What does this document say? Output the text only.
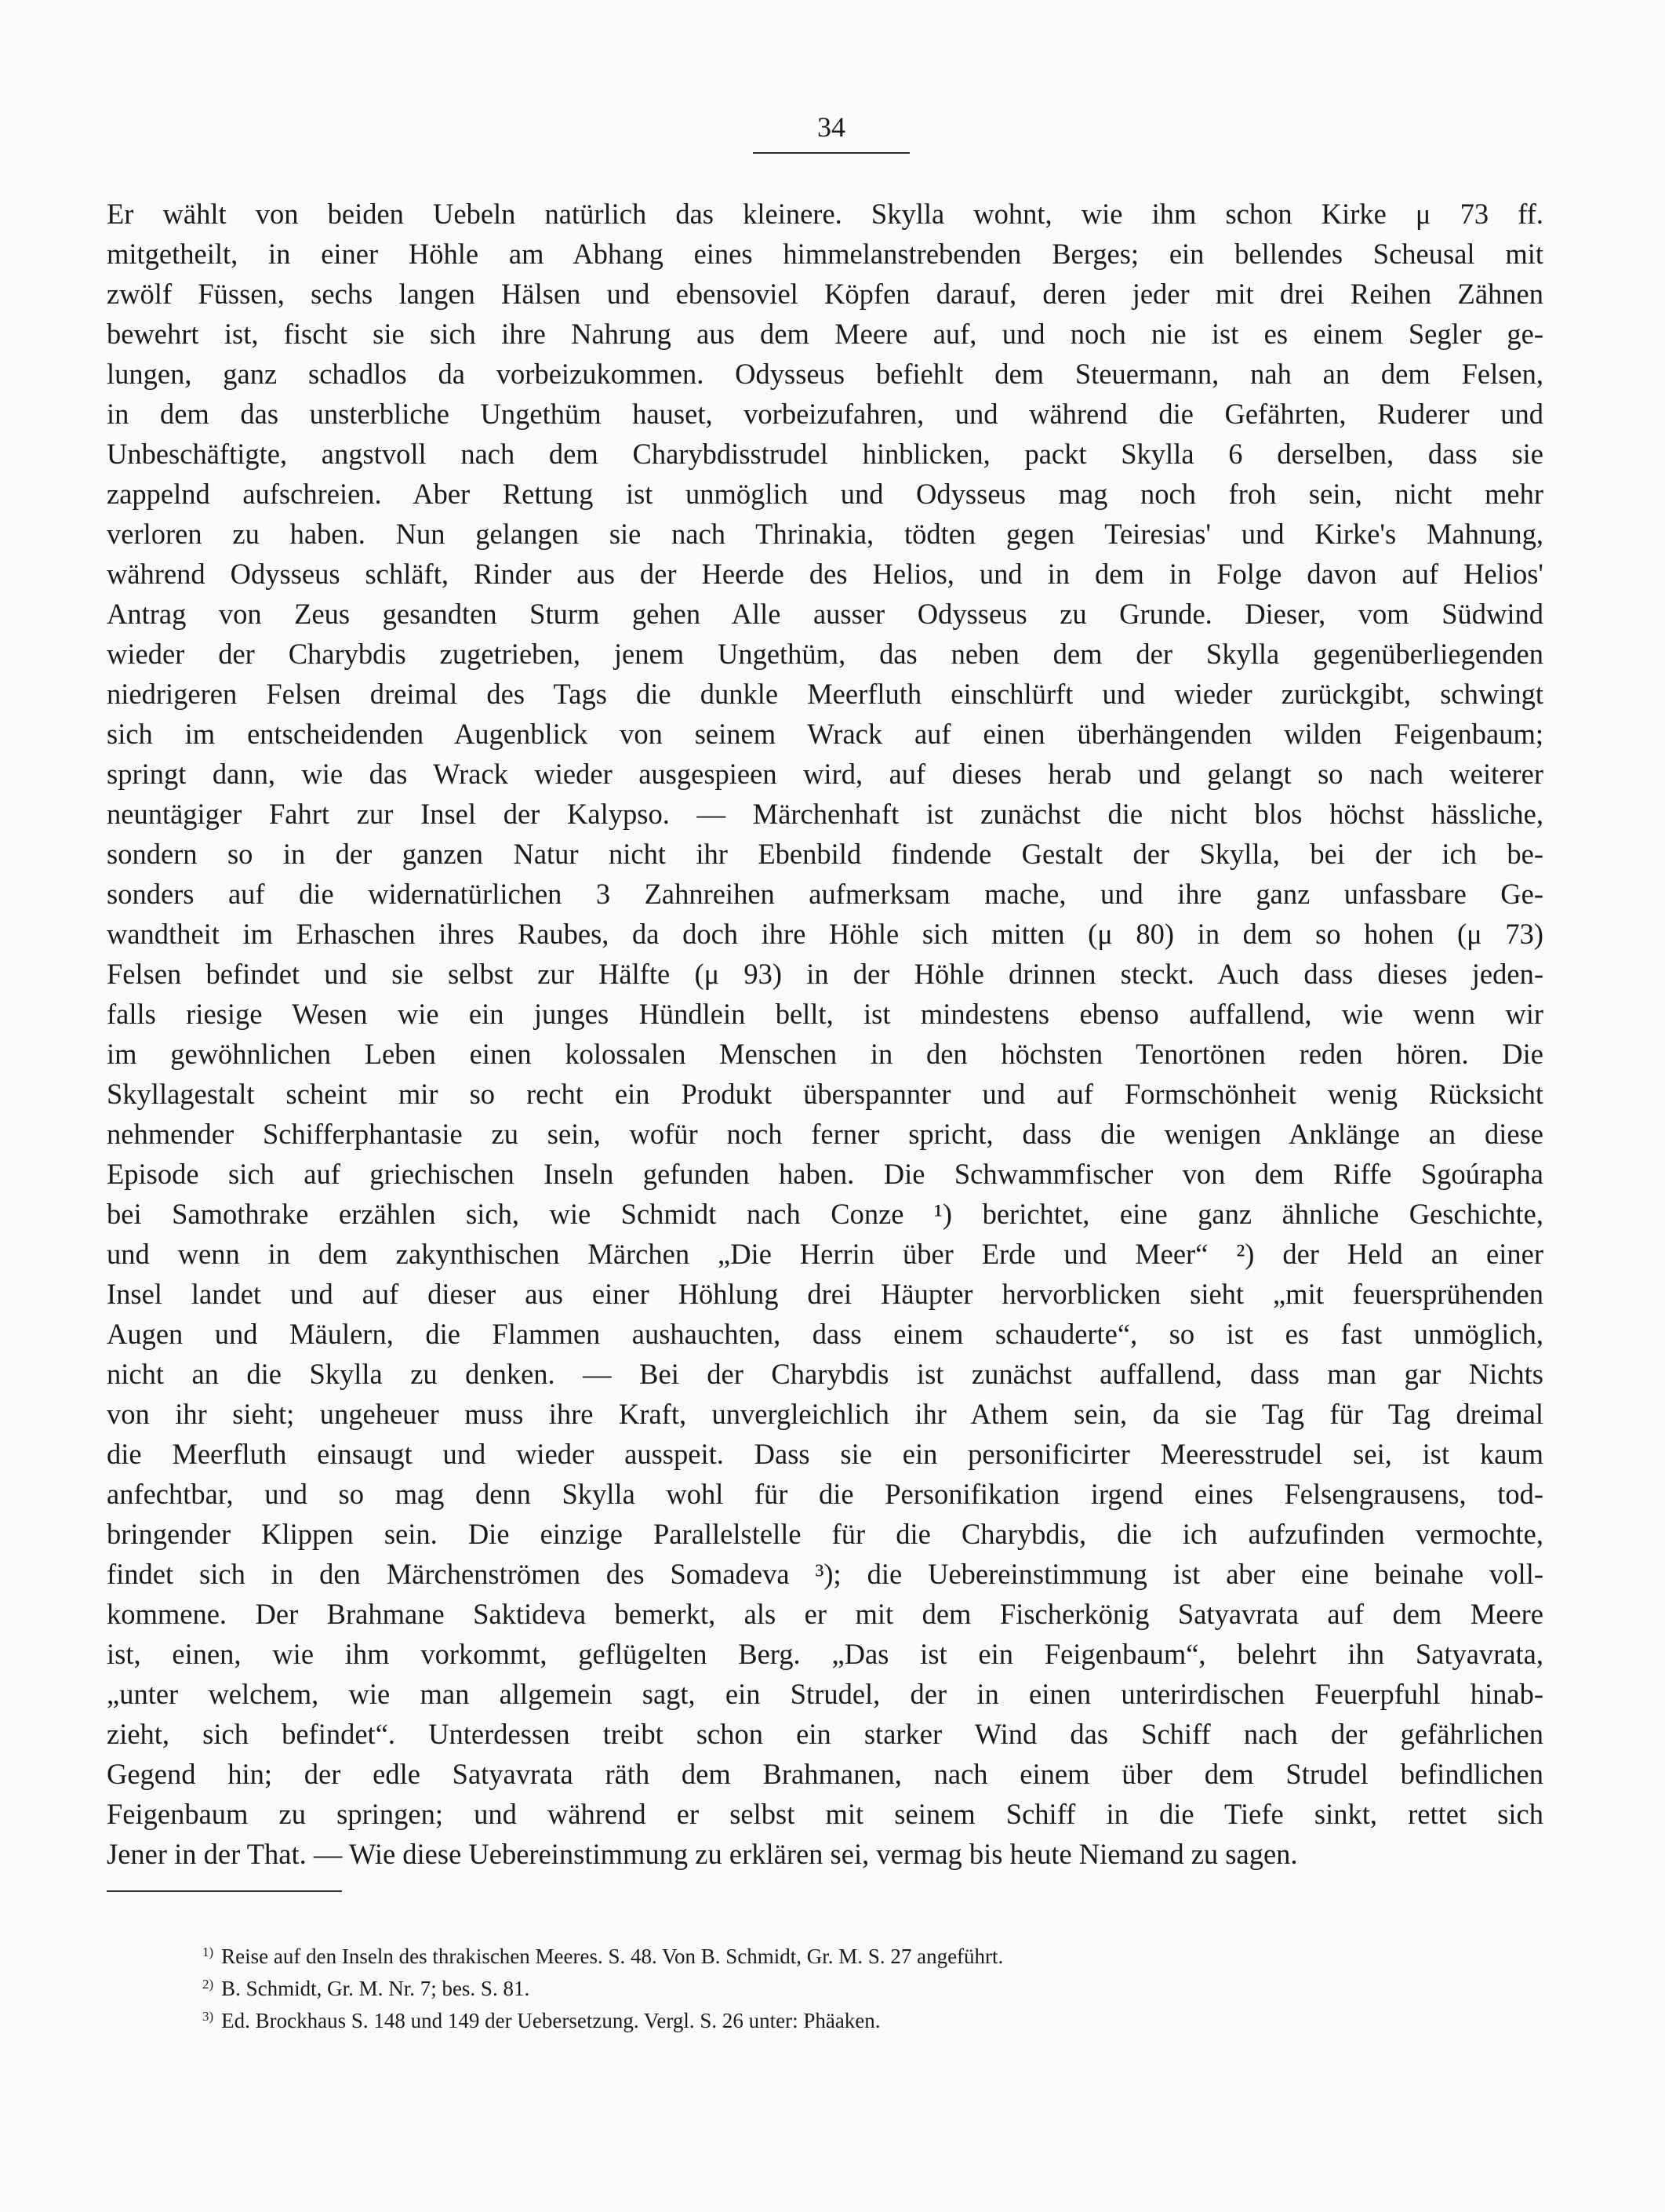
34
Er wählt von beiden Uebeln natürlich das kleinere. Skylla wohnt, wie ihm schon Kirke μ 73 ff.
mitgetheilt, in einer Höhle am Abhang eines himmelanstrebenden Berges; ein bellendes Scheusal mit
zwölf Füssen, sechs langen Hälsen und ebensoviel Köpfen darauf, deren jeder mit drei Reihen Zähnen
bewehrt ist, fischt sie sich ihre Nahrung aus dem Meere auf, und noch nie ist es einem Segler ge-
lungen, ganz schadlos da vorbeizukommen. Odysseus befiehlt dem Steuermann, nah an dem Felsen,
in dem das unsterbliche Ungethüm hauset, vorbeizufahren, und während die Gefährten, Ruderer und
Unbeschäftigte, angstvoll nach dem Charybdisstrudel hinblicken, packt Skylla 6 derselben, dass sie
zappelnd aufschreien. Aber Rettung ist unmöglich und Odysseus mag noch froh sein, nicht mehr
verloren zu haben. Nun gelangen sie nach Thrinakia, tödten gegen Teiresias' und Kirke's Mahnung,
während Odysseus schläft, Rinder aus der Heerde des Helios, und in dem in Folge davon auf Helios'
Antrag von Zeus gesandten Sturm gehen Alle ausser Odysseus zu Grunde. Dieser, vom Südwind
wieder der Charybdis zugetrieben, jenem Ungethüm, das neben dem der Skylla gegenüberliegenden
niedrigeren Felsen dreimal des Tags die dunkle Meerfluth einschlürft und wieder zurückgibt, schwingt
sich im entscheidenden Augenblick von seinem Wrack auf einen überhängenden wilden Feigenbaum;
springt dann, wie das Wrack wieder ausgespieen wird, auf dieses herab und gelangt so nach weiterer
neuntägiger Fahrt zur Insel der Kalypso. — Märchenhaft ist zunächst die nicht blos höchst hässliche,
sondern so in der ganzen Natur nicht ihr Ebenbild findende Gestalt der Skylla, bei der ich be-
sonders auf die widernatürlichen 3 Zahnreihen aufmerksam mache, und ihre ganz unfassbare Ge-
wandtheit im Erhaschen ihres Raubes, da doch ihre Höhle sich mitten (μ 80) in dem so hohen (μ 73)
Felsen befindet und sie selbst zur Hälfte (μ 93) in der Höhle drinnen steckt. Auch dass dieses jeden-
falls riesige Wesen wie ein junges Hündlein bellt, ist mindestens ebenso auffallend, wie wenn wir
im gewöhnlichen Leben einen kolossalen Menschen in den höchsten Tenortönen reden hören. Die
Skyllagestalt scheint mir so recht ein Produkt überspannter und auf Formschönheit wenig Rücksicht
nehmender Schifferphantasie zu sein, wofür noch ferner spricht, dass die wenigen Anklänge an diese
Episode sich auf griechischen Inseln gefunden haben. Die Schwammfischer von dem Riffe Sgoúrapha
bei Samothrake erzählen sich, wie Schmidt nach Conze ¹) berichtet, eine ganz ähnliche Geschichte,
und wenn in dem zakynthischen Märchen „Die Herrin über Erde und Meer“ ²) der Held an einer
Insel landet und auf dieser aus einer Höhlung drei Häupter hervorblicken sieht „mit feuersprühenden
Augen und Mäulern, die Flammen aushauchten, dass einem schauderte“, so ist es fast unmöglich,
nicht an die Skylla zu denken. — Bei der Charybdis ist zunächst auffallend, dass man gar Nichts
von ihr sieht; ungeheuer muss ihre Kraft, unvergleichlich ihr Athem sein, da sie Tag für Tag dreimal
die Meerfluth einsaugt und wieder ausspeit. Dass sie ein personificirter Meeresstrudel sei, ist kaum
anfechtbar, und so mag denn Skylla wohl für die Personifikation irgend eines Felsengrausens, tod-
bringender Klippen sein. Die einzige Parallelstelle für die Charybdis, die ich aufzufinden vermochte,
findet sich in den Märchenströmen des Somadeva ³); die Uebereinstimmung ist aber eine beinahe voll-
kommene. Der Brahmane Saktideva bemerkt, als er mit dem Fischerkönig Satyavrata auf dem Meere
ist, einen, wie ihm vorkommt, geflügelten Berg. „Das ist ein Feigenbaum“, belehrt ihn Satyavrata,
„unter welchem, wie man allgemein sagt, ein Strudel, der in einen unterirdischen Feuerpfuhl hinab-
zieht, sich befindet“. Unterdessen treibt schon ein starker Wind das Schiff nach der gefährlichen
Gegend hin; der edle Satyavrata räth dem Brahmanen, nach einem über dem Strudel befindlichen
Feigenbaum zu springen; und während er selbst mit seinem Schiff in die Tiefe sinkt, rettet sich
Jener in der That. — Wie diese Uebereinstimmung zu erklären sei, vermag bis heute Niemand zu sagen.
$^{1)}$ Reise auf den Inseln des thrakischen Meeres. S. 48. Von B. Schmidt, Gr. M. S. 27 angeführt.
$^{2)}$ B. Schmidt, Gr. M. Nr. 7; bes. S. 81.
$^{3)}$ Ed. Brockhaus S. 148 und 149 der Uebersetzung. Vergl. S. 26 unter: Phäaken.
